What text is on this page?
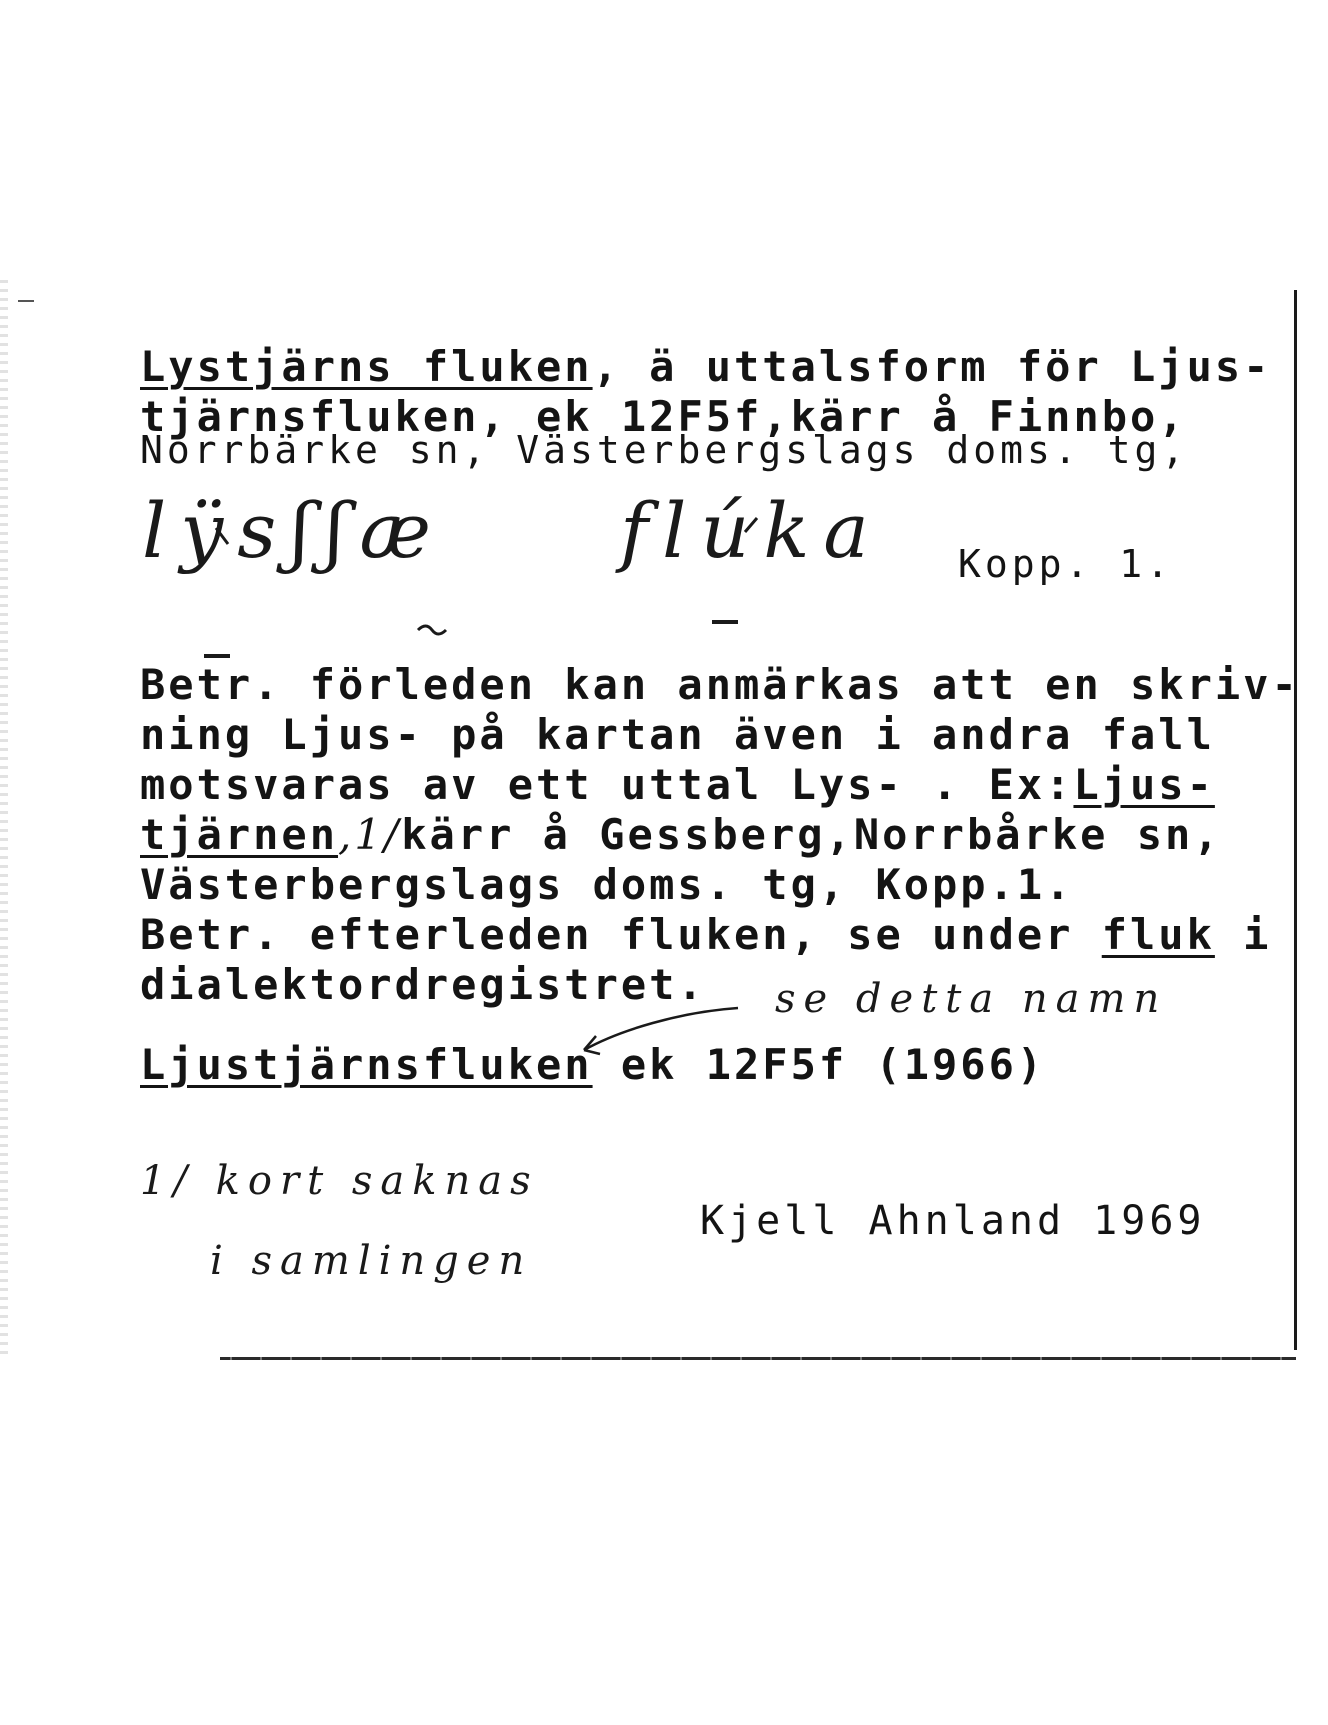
Lystjärns fluken, ä uttalsform för Ljus-
tjärnsfluken, ek 12F5f,kärr å Finnbo,
Norrbärke sn, Västerbergslags doms. tg,
lÿsʃʃæ flúka Kopp. 1.
Betr. förleden kan anmärkas att en skriv-
ning Ljus- på kartan även i andra fall
motsvaras av ett uttal Lys- . Ex:Ljus-
tjärnen,1/kärr å Gessberg,Norrbårke sn,
Västerbergslags doms. tg, Kopp.1.
Betr. efterleden fluken, se under fluk i
dialektordregistret. se detta namn
Ljustjärnsfluken ek 12F5f (1966)
1/ kort saknas
i samlingen
Kjell Ahnland 1969
